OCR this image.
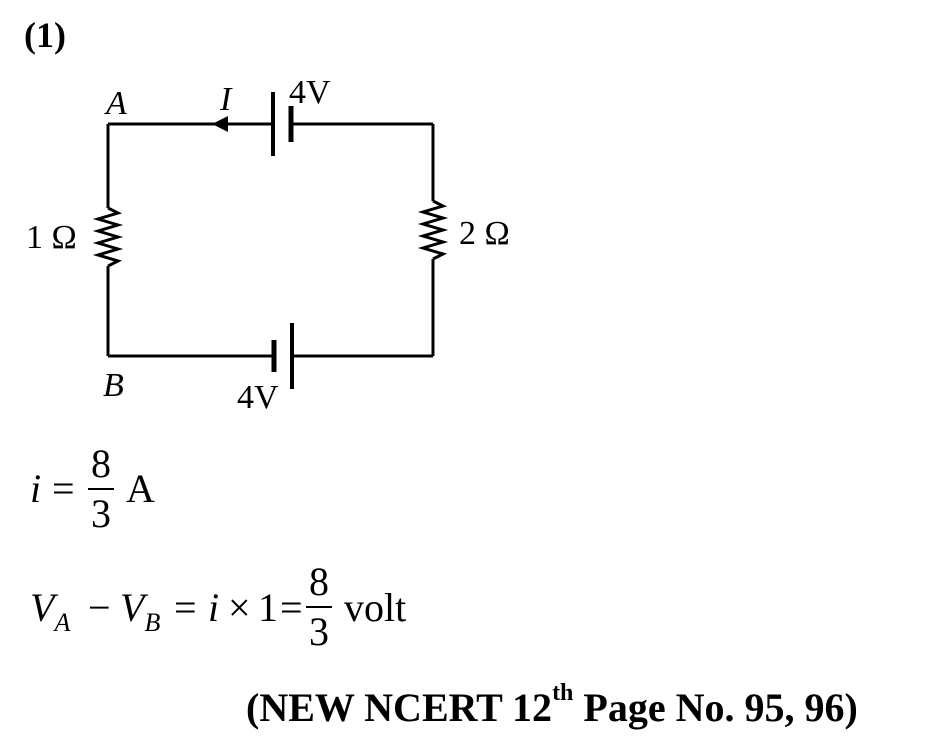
(1)
A	I 4V
1 Ω	2 Ω
B	4V
i =
8
3
A
$V_A - V_B = i \times 1$ =
8
3
volt
(NEW NCERT 12th Page No. 95, 96)
